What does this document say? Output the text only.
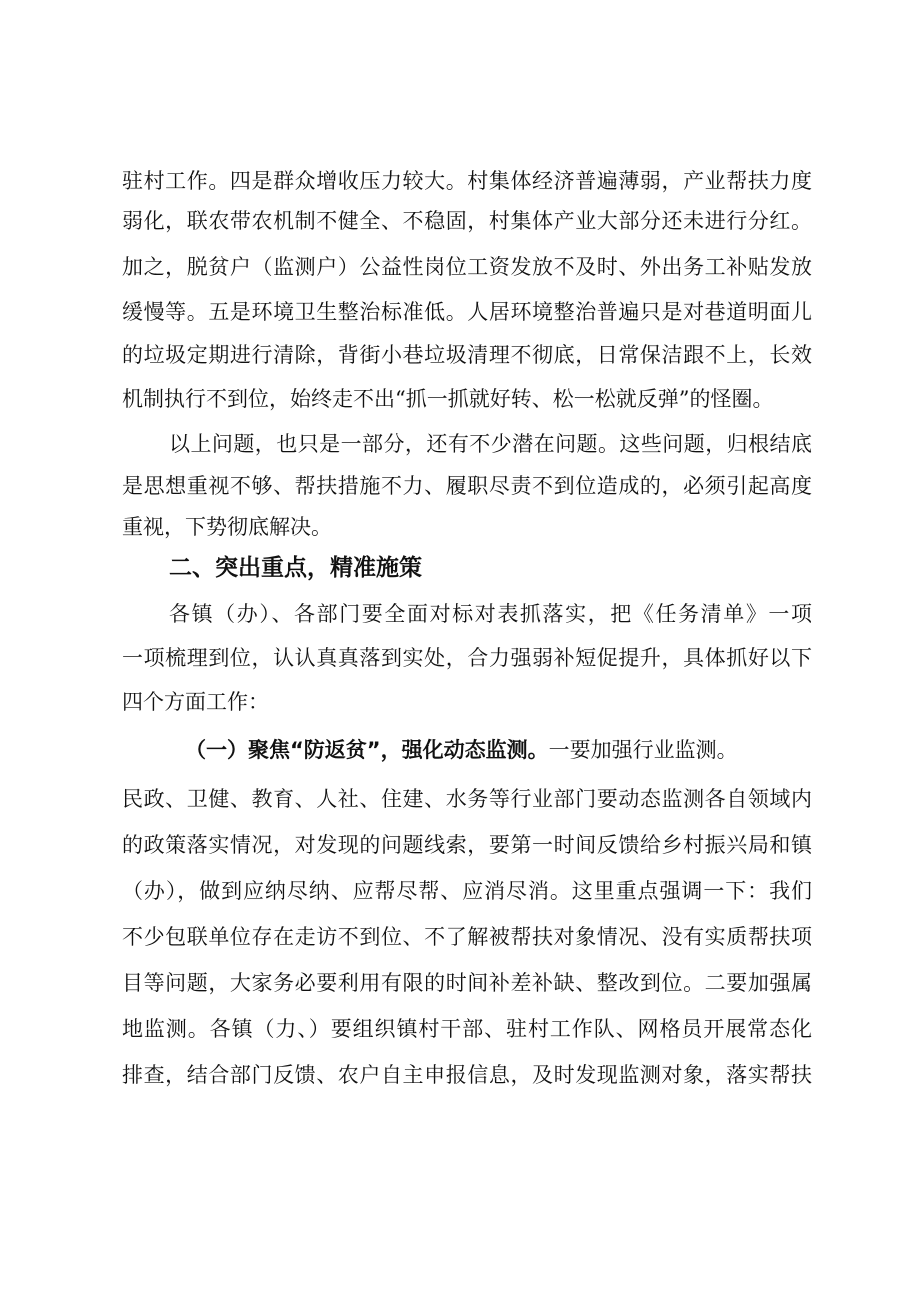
驻村工作。四是群众增收压力较大。村集体经济普遍薄弱，产业帮扶力度
弱化，联农带农机制不健全、不稳固，村集体产业大部分还未进行分红。
加之，脱贫户（监测户）公益性岗位工资发放不及时、外出务工补贴发放
缓慢等。五是环境卫生整治标准低。人居环境整治普遍只是对巷道明面儿
的垃圾定期进行清除，背街小巷垃圾清理不彻底，日常保洁跟不上，长效
机制执行不到位，始终走不出“抓一抓就好转、松一松就反弹”的怪圈。
以上问题，也只是一部分，还有不少潜在问题。这些问题，归根结底
是思想重视不够、帮扶措施不力、履职尽责不到位造成的，必须引起高度
重视，下势彻底解决。
二、突出重点，精准施策
各镇（办）、各部门要全面对标对表抓落实，把《任务清单》一项
一项梳理到位，认认真真落到实处，合力强弱补短促提升，具体抓好以下
四个方面工作：
（一）聚焦“防返贫”，强化动态监测。一要加强行业监测。
民政、卫健、教育、人社、住建、水务等行业部门要动态监测各自领域内
的政策落实情况，对发现的问题线索，要第一时间反馈给乡村振兴局和镇
（办），做到应纳尽纳、应帮尽帮、应消尽消。这里重点强调一下：我们
不少包联单位存在走访不到位、不了解被帮扶对象情况、没有实质帮扶项
目等问题，大家务必要利用有限的时间补差补缺、整改到位。二要加强属
地监测。各镇（力、）要组织镇村干部、驻村工作队、网格员开展常态化
排查，结合部门反馈、农户自主申报信息，及时发现监测对象，落实帮扶
